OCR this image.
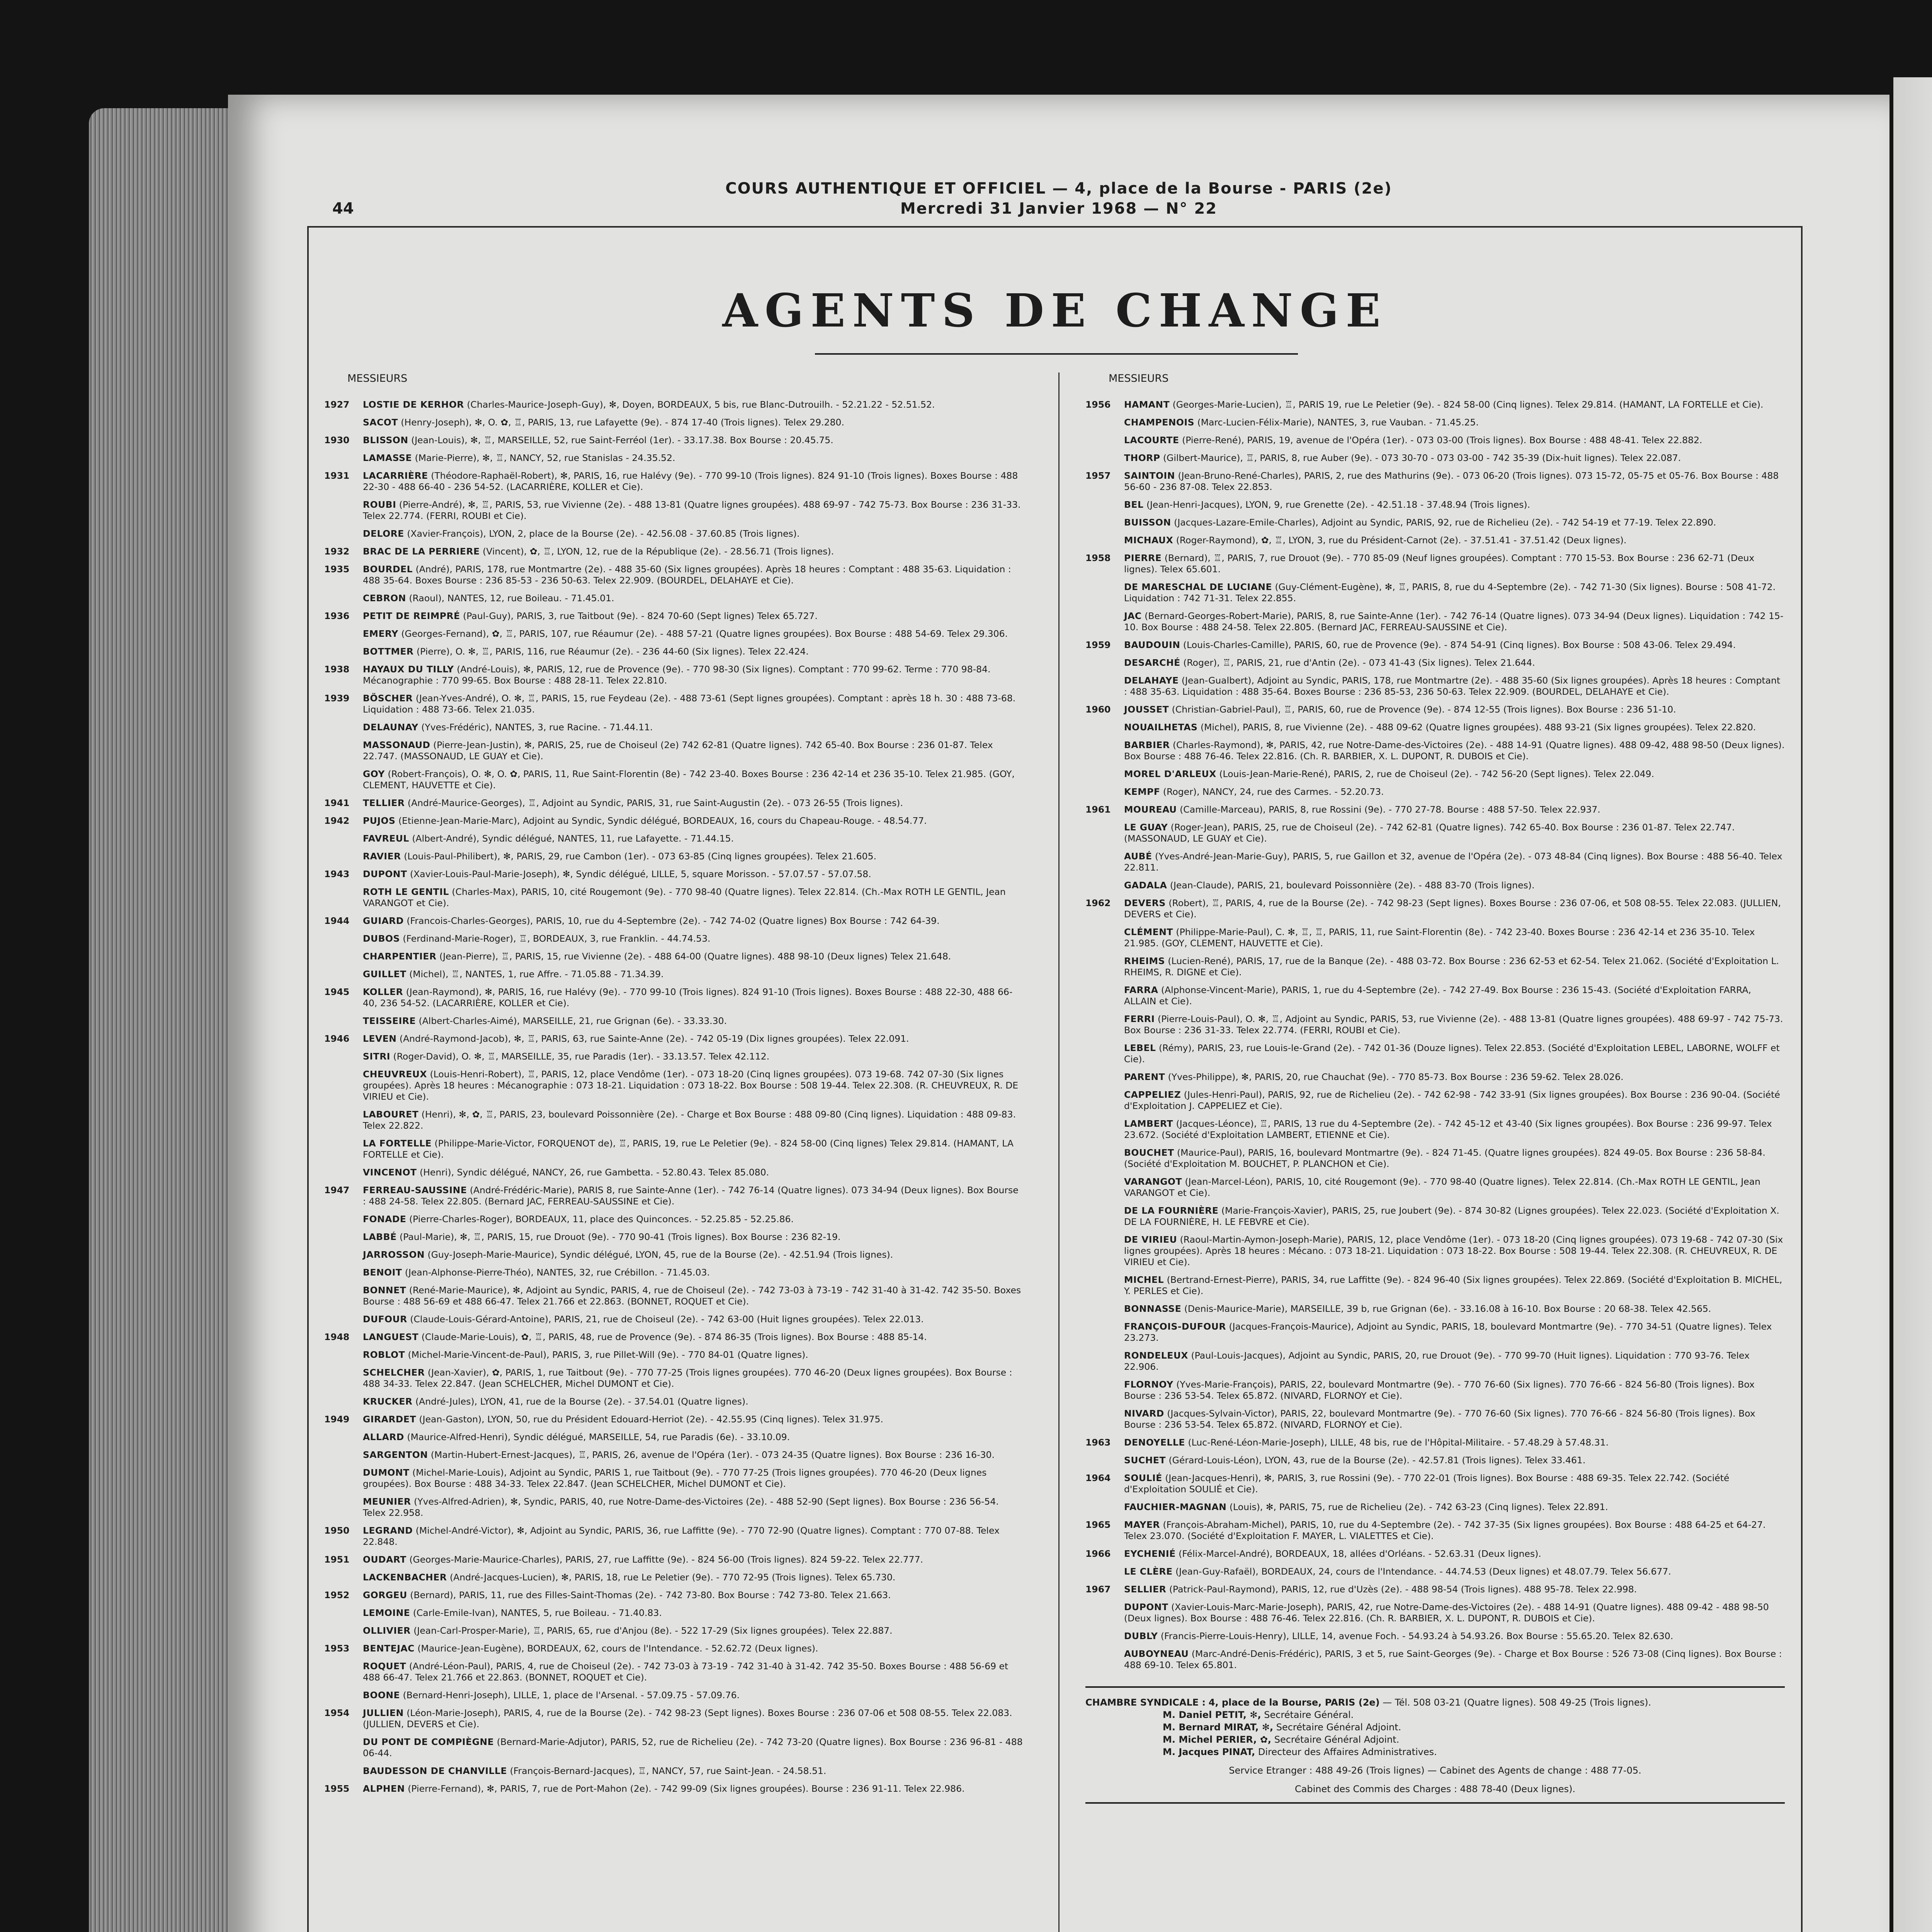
44
COURS AUTHENTIQUE ET OFFICIEL — 4, place de la Bourse - PARIS (2e)
Mercredi 31 Janvier 1968 — N° 22
AGENTS DE CHANGE
MESSIEURS
1927 LOSTIE DE KERHOR (Charles-Maurice-Joseph-Guy), ✻, Doyen, BORDEAUX, 5 bis, rue Blanc-Dutrouilh. - 52.21.22 - 52.51.52.
SACOT (Henry-Joseph), ✻, O. ✿, ♖, PARIS, 13, rue Lafayette (9e). - 874 17-40 (Trois lignes). Telex 29.280.
1930 BLISSON (Jean-Louis), ✻, ♖, MARSEILLE, 52, rue Saint-Ferréol (1er). - 33.17.38. Box Bourse : 20.45.75.
LAMASSE (Marie-Pierre), ✻, ♖, NANCY, 52, rue Stanislas - 24.35.52.
1931 LACARRIÈRE (Théodore-Raphaël-Robert), ✻, PARIS, 16, rue Halévy (9e). - 770 99-10 (Trois lignes). 824 91-10 (Trois lignes). Boxes Bourse : 488 22-30 - 488 66-40 - 236 54-52. (LACARRIÈRE, KOLLER et Cie).
ROUBI (Pierre-André), ✻, ♖, PARIS, 53, rue Vivienne (2e). - 488 13-81 (Quatre lignes groupées). 488 69-97 - 742 75-73. Box Bourse : 236 31-33. Telex 22.774. (FERRI, ROUBI et Cie).
DELORE (Xavier-François), LYON, 2, place de la Bourse (2e). - 42.56.08 - 37.60.85 (Trois lignes).
1932 BRAC DE LA PERRIERE (Vincent), ✿, ♖, LYON, 12, rue de la République (2e). - 28.56.71 (Trois lignes).
1935 BOURDEL (André), PARIS, 178, rue Montmartre (2e). - 488 35-60 (Six lignes groupées). Après 18 heures : Comptant : 488 35-63. Liquidation : 488 35-64. Boxes Bourse : 236 85-53 - 236 50-63. Telex 22.909. (BOURDEL, DELAHAYE et Cie).
CEBRON (Raoul), NANTES, 12, rue Boileau. - 71.45.01.
1936 PETIT DE REIMPRÉ (Paul-Guy), PARIS, 3, rue Taitbout (9e). - 824 70-60 (Sept lignes) Telex 65.727.
EMERY (Georges-Fernand), ✿, ♖, PARIS, 107, rue Réaumur (2e). - 488 57-21 (Quatre lignes groupées). Box Bourse : 488 54-69. Telex 29.306.
BOTTMER (Pierre), O. ✻, ♖, PARIS, 116, rue Réaumur (2e). - 236 44-60 (Six lignes). Telex 22.424.
1938 HAYAUX DU TILLY (André-Louis), ✻, PARIS, 12, rue de Provence (9e). - 770 98-30 (Six lignes). Comptant : 770 99-62. Terme : 770 98-84. Mécanographie : 770 99-65. Box Bourse : 488 28-11. Telex 22.810.
1939 BÖSCHER (Jean-Yves-André), O. ✻, ♖, PARIS, 15, rue Feydeau (2e). - 488 73-61 (Sept lignes groupées). Comptant : après 18 h. 30 : 488 73-68. Liquidation : 488 73-66. Telex 21.035.
DELAUNAY (Yves-Frédéric), NANTES, 3, rue Racine. - 71.44.11.
MASSONAUD (Pierre-Jean-Justin), ✻, PARIS, 25, rue de Choiseul (2e) 742 62-81 (Quatre lignes). 742 65-40. Box Bourse : 236 01-87. Telex 22.747. (MASSONAUD, LE GUAY et Cie).
GOY (Robert-François), O. ✻, O. ✿, PARIS, 11, Rue Saint-Florentin (8e) - 742 23-40. Boxes Bourse : 236 42-14 et 236 35-10. Telex 21.985. (GOY, CLEMENT, HAUVETTE et Cie).
1941 TELLIER (André-Maurice-Georges), ♖, Adjoint au Syndic, PARIS, 31, rue Saint-Augustin (2e). - 073 26-55 (Trois lignes).
1942 PUJOS (Etienne-Jean-Marie-Marc), Adjoint au Syndic, Syndic délégué, BORDEAUX, 16, cours du Chapeau-Rouge. - 48.54.77.
FAVREUL (Albert-André), Syndic délégué, NANTES, 11, rue Lafayette. - 71.44.15.
RAVIER (Louis-Paul-Philibert), ✻, PARIS, 29, rue Cambon (1er). - 073 63-85 (Cinq lignes groupées). Telex 21.605.
1943 DUPONT (Xavier-Louis-Paul-Marie-Joseph), ✻, Syndic délégué, LILLE, 5, square Morisson. - 57.07.57 - 57.07.58.
ROTH LE GENTIL (Charles-Max), PARIS, 10, cité Rougemont (9e). - 770 98-40 (Quatre lignes). Telex 22.814. (Ch.-Max ROTH LE GENTIL, Jean VARANGOT et Cie).
1944 GUIARD (Francois-Charles-Georges), PARIS, 10, rue du 4-Septembre (2e). - 742 74-02 (Quatre lignes) Box Bourse : 742 64-39.
DUBOS (Ferdinand-Marie-Roger), ♖, BORDEAUX, 3, rue Franklin. - 44.74.53.
CHARPENTIER (Jean-Pierre), ♖, PARIS, 15, rue Vivienne (2e). - 488 64-00 (Quatre lignes). 488 98-10 (Deux lignes) Telex 21.648.
GUILLET (Michel), ♖, NANTES, 1, rue Affre. - 71.05.88 - 71.34.39.
1945 KOLLER (Jean-Raymond), ✻, PARIS, 16, rue Halévy (9e). - 770 99-10 (Trois lignes). 824 91-10 (Trois lignes). Boxes Bourse : 488 22-30, 488 66-40, 236 54-52. (LACARRIÈRE, KOLLER et Cie).
TEISSEIRE (Albert-Charles-Aimé), MARSEILLE, 21, rue Grignan (6e). - 33.33.30.
1946 LEVEN (André-Raymond-Jacob), ✻, ♖, PARIS, 63, rue Sainte-Anne (2e). - 742 05-19 (Dix lignes groupées). Telex 22.091.
SITRI (Roger-David), O. ✻, ♖, MARSEILLE, 35, rue Paradis (1er). - 33.13.57. Telex 42.112.
CHEUVREUX (Louis-Henri-Robert), ♖, PARIS, 12, place Vendôme (1er). - 073 18-20 (Cinq lignes groupées). 073 19-68. 742 07-30 (Six lignes groupées). Après 18 heures : Mécanographie : 073 18-21. Liquidation : 073 18-22. Box Bourse : 508 19-44. Telex 22.308. (R. CHEUVREUX, R. DE VIRIEU et Cie).
LABOURET (Henri), ✻, ✿, ♖, PARIS, 23, boulevard Poissonnière (2e). - Charge et Box Bourse : 488 09-80 (Cinq lignes). Liquidation : 488 09-83. Telex 22.822.
LA FORTELLE (Philippe-Marie-Victor, FORQUENOT de), ♖, PARIS, 19, rue Le Peletier (9e). - 824 58-00 (Cinq lignes) Telex 29.814. (HAMANT, LA FORTELLE et Cie).
VINCENOT (Henri), Syndic délégué, NANCY, 26, rue Gambetta. - 52.80.43. Telex 85.080.
1947 FERREAU-SAUSSINE (André-Frédéric-Marie), PARIS 8, rue Sainte-Anne (1er). - 742 76-14 (Quatre lignes). 073 34-94 (Deux lignes). Box Bourse : 488 24-58. Telex 22.805. (Bernard JAC, FERREAU-SAUSSINE et Cie).
FONADE (Pierre-Charles-Roger), BORDEAUX, 11, place des Quinconces. - 52.25.85 - 52.25.86.
LABBÉ (Paul-Marie), ✻, ♖, PARIS, 15, rue Drouot (9e). - 770 90-41 (Trois lignes). Box Bourse : 236 82-19.
JARROSSON (Guy-Joseph-Marie-Maurice), Syndic délégué, LYON, 45, rue de la Bourse (2e). - 42.51.94 (Trois lignes).
BENOIT (Jean-Alphonse-Pierre-Théo), NANTES, 32, rue Crébillon. - 71.45.03.
BONNET (René-Marie-Maurice), ✻, Adjoint au Syndic, PARIS, 4, rue de Choiseul (2e). - 742 73-03 à 73-19 - 742 31-40 à 31-42. 742 35-50. Boxes Bourse : 488 56-69 et 488 66-47. Telex 21.766 et 22.863. (BONNET, ROQUET et Cie).
DUFOUR (Claude-Louis-Gérard-Antoine), PARIS, 21, rue de Choiseul (2e). - 742 63-00 (Huit lignes groupées). Telex 22.013.
1948 LANGUEST (Claude-Marie-Louis), ✿, ♖, PARIS, 48, rue de Provence (9e). - 874 86-35 (Trois lignes). Box Bourse : 488 85-14.
ROBLOT (Michel-Marie-Vincent-de-Paul), PARIS, 3, rue Pillet-Will (9e). - 770 84-01 (Quatre lignes).
SCHELCHER (Jean-Xavier), ✿, PARIS, 1, rue Taitbout (9e). - 770 77-25 (Trois lignes groupées). 770 46-20 (Deux lignes groupées). Box Bourse : 488 34-33. Telex 22.847. (Jean SCHELCHER, Michel DUMONT et Cie).
KRUCKER (André-Jules), LYON, 41, rue de la Bourse (2e). - 37.54.01 (Quatre lignes).
1949 GIRARDET (Jean-Gaston), LYON, 50, rue du Président Edouard-Herriot (2e). - 42.55.95 (Cinq lignes). Telex 31.975.
ALLARD (Maurice-Alfred-Henri), Syndic délégué, MARSEILLE, 54, rue Paradis (6e). - 33.10.09.
SARGENTON (Martin-Hubert-Ernest-Jacques), ♖, PARIS, 26, avenue de l'Opéra (1er). - 073 24-35 (Quatre lignes). Box Bourse : 236 16-30.
DUMONT (Michel-Marie-Louis), Adjoint au Syndic, PARIS 1, rue Taitbout (9e). - 770 77-25 (Trois lignes groupées). 770 46-20 (Deux lignes groupées). Box Bourse : 488 34-33. Telex 22.847. (Jean SCHELCHER, Michel DUMONT et Cie).
MEUNIER (Yves-Alfred-Adrien), ✻, Syndic, PARIS, 40, rue Notre-Dame-des-Victoires (2e). - 488 52-90 (Sept lignes). Box Bourse : 236 56-54. Telex 22.958.
1950 LEGRAND (Michel-André-Victor), ✻, Adjoint au Syndic, PARIS, 36, rue Laffitte (9e). - 770 72-90 (Quatre lignes). Comptant : 770 07-88. Telex 22.848.
1951 OUDART (Georges-Marie-Maurice-Charles), PARIS, 27, rue Laffitte (9e). - 824 56-00 (Trois lignes). 824 59-22. Telex 22.777.
LACKENBACHER (André-Jacques-Lucien), ✻, PARIS, 18, rue Le Peletier (9e). - 770 72-95 (Trois lignes). Telex 65.730.
1952 GORGEU (Bernard), PARIS, 11, rue des Filles-Saint-Thomas (2e). - 742 73-80. Box Bourse : 742 73-80. Telex 21.663.
LEMOINE (Carle-Emile-Ivan), NANTES, 5, rue Boileau. - 71.40.83.
OLLIVIER (Jean-Carl-Prosper-Marie), ♖, PARIS, 65, rue d'Anjou (8e). - 522 17-29 (Six lignes groupées). Telex 22.887.
1953 BENTEJAC (Maurice-Jean-Eugène), BORDEAUX, 62, cours de l'Intendance. - 52.62.72 (Deux lignes).
ROQUET (André-Léon-Paul), PARIS, 4, rue de Choiseul (2e). - 742 73-03 à 73-19 - 742 31-40 à 31-42. 742 35-50. Boxes Bourse : 488 56-69 et 488 66-47. Telex 21.766 et 22.863. (BONNET, ROQUET et Cie).
BOONE (Bernard-Henri-Joseph), LILLE, 1, place de l'Arsenal. - 57.09.75 - 57.09.76.
1954 JULLIEN (Léon-Marie-Joseph), PARIS, 4, rue de la Bourse (2e). - 742 98-23 (Sept lignes). Boxes Bourse : 236 07-06 et 508 08-55. Telex 22.083. (JULLIEN, DEVERS et Cie).
DU PONT DE COMPIÈGNE (Bernard-Marie-Adjutor), PARIS, 52, rue de Richelieu (2e). - 742 73-20 (Quatre lignes). Box Bourse : 236 96-81 - 488 06-44.
BAUDESSON DE CHANVILLE (François-Bernard-Jacques), ♖, NANCY, 57, rue Saint-Jean. - 24.58.51.
1955 ALPHEN (Pierre-Fernand), ✻, PARIS, 7, rue de Port-Mahon (2e). - 742 99-09 (Six lignes groupées). Bourse : 236 91-11. Telex 22.986.
MESSIEURS
1956 HAMANT (Georges-Marie-Lucien), ♖, PARIS 19, rue Le Peletier (9e). - 824 58-00 (Cinq lignes). Telex 29.814. (HAMANT, LA FORTELLE et Cie).
CHAMPENOIS (Marc-Lucien-Félix-Marie), NANTES, 3, rue Vauban. - 71.45.25.
LACOURTE (Pierre-René), PARIS, 19, avenue de l'Opéra (1er). - 073 03-00 (Trois lignes). Box Bourse : 488 48-41. Telex 22.882.
THORP (Gilbert-Maurice), ♖, PARIS, 8, rue Auber (9e). - 073 30-70 - 073 03-00 - 742 35-39 (Dix-huit lignes). Telex 22.087.
1957 SAINTOIN (Jean-Bruno-René-Charles), PARIS, 2, rue des Mathurins (9e). - 073 06-20 (Trois lignes). 073 15-72, 05-75 et 05-76. Box Bourse : 488 56-60 - 236 87-08. Telex 22.853.
BEL (Jean-Henri-Jacques), LYON, 9, rue Grenette (2e). - 42.51.18 - 37.48.94 (Trois lignes).
BUISSON (Jacques-Lazare-Emile-Charles), Adjoint au Syndic, PARIS, 92, rue de Richelieu (2e). - 742 54-19 et 77-19. Telex 22.890.
MICHAUX (Roger-Raymond), ✿, ♖, LYON, 3, rue du Président-Carnot (2e). - 37.51.41 - 37.51.42 (Deux lignes).
1958 PIERRE (Bernard), ♖, PARIS, 7, rue Drouot (9e). - 770 85-09 (Neuf lignes groupées). Comptant : 770 15-53. Box Bourse : 236 62-71 (Deux lignes). Telex 65.601.
DE MARESCHAL DE LUCIANE (Guy-Clément-Eugène), ✻, ♖, PARIS, 8, rue du 4-Septembre (2e). - 742 71-30 (Six lignes). Bourse : 508 41-72. Liquidation : 742 71-31. Telex 22.855.
JAC (Bernard-Georges-Robert-Marie), PARIS, 8, rue Sainte-Anne (1er). - 742 76-14 (Quatre lignes). 073 34-94 (Deux lignes). Liquidation : 742 15-10. Box Bourse : 488 24-58. Telex 22.805. (Bernard JAC, FERREAU-SAUSSINE et Cie).
1959 BAUDOUIN (Louis-Charles-Camille), PARIS, 60, rue de Provence (9e). - 874 54-91 (Cinq lignes). Box Bourse : 508 43-06. Telex 29.494.
DESARCHÉ (Roger), ♖, PARIS, 21, rue d'Antin (2e). - 073 41-43 (Six lignes). Telex 21.644.
DELAHAYE (Jean-Gualbert), Adjoint au Syndic, PARIS, 178, rue Montmartre (2e). - 488 35-60 (Six lignes groupées). Après 18 heures : Comptant : 488 35-63. Liquidation : 488 35-64. Boxes Bourse : 236 85-53, 236 50-63. Telex 22.909. (BOURDEL, DELAHAYE et Cie).
1960 JOUSSET (Christian-Gabriel-Paul), ♖, PARIS, 60, rue de Provence (9e). - 874 12-55 (Trois lignes). Box Bourse : 236 51-10.
NOUAILHETAS (Michel), PARIS, 8, rue Vivienne (2e). - 488 09-62 (Quatre lignes groupées). 488 93-21 (Six lignes groupées). Telex 22.820.
BARBIER (Charles-Raymond), ✻, PARIS, 42, rue Notre-Dame-des-Victoires (2e). - 488 14-91 (Quatre lignes). 488 09-42, 488 98-50 (Deux lignes). Box Bourse : 488 76-46. Telex 22.816. (Ch. R. BARBIER, X. L. DUPONT, R. DUBOIS et Cie).
MOREL D'ARLEUX (Louis-Jean-Marie-René), PARIS, 2, rue de Choiseul (2e). - 742 56-20 (Sept lignes). Telex 22.049.
KEMPF (Roger), NANCY, 24, rue des Carmes. - 52.20.73.
1961 MOUREAU (Camille-Marceau), PARIS, 8, rue Rossini (9e). - 770 27-78. Bourse : 488 57-50. Telex 22.937.
LE GUAY (Roger-Jean), PARIS, 25, rue de Choiseul (2e). - 742 62-81 (Quatre lignes). 742 65-40. Box Bourse : 236 01-87. Telex 22.747. (MASSONAUD, LE GUAY et Cie).
AUBÉ (Yves-André-Jean-Marie-Guy), PARIS, 5, rue Gaillon et 32, avenue de l'Opéra (2e). - 073 48-84 (Cinq lignes). Box Bourse : 488 56-40. Telex 22.811.
GADALA (Jean-Claude), PARIS, 21, boulevard Poissonnière (2e). - 488 83-70 (Trois lignes).
1962 DEVERS (Robert), ♖, PARIS, 4, rue de la Bourse (2e). - 742 98-23 (Sept lignes). Boxes Bourse : 236 07-06, et 508 08-55. Telex 22.083. (JULLIEN, DEVERS et Cie).
CLÉMENT (Philippe-Marie-Paul), C. ✻, ♖, ♖, PARIS, 11, rue Saint-Florentin (8e). - 742 23-40. Boxes Bourse : 236 42-14 et 236 35-10. Telex 21.985. (GOY, CLEMENT, HAUVETTE et Cie).
RHEIMS (Lucien-René), PARIS, 17, rue de la Banque (2e). - 488 03-72. Box Bourse : 236 62-53 et 62-54. Telex 21.062. (Société d'Exploitation L. RHEIMS, R. DIGNE et Cie).
FARRA (Alphonse-Vincent-Marie), PARIS, 1, rue du 4-Septembre (2e). - 742 27-49. Box Bourse : 236 15-43. (Société d'Exploitation FARRA, ALLAIN et Cie).
FERRI (Pierre-Louis-Paul), O. ✻, ♖, Adjoint au Syndic, PARIS, 53, rue Vivienne (2e). - 488 13-81 (Quatre lignes groupées). 488 69-97 - 742 75-73. Box Bourse : 236 31-33. Telex 22.774. (FERRI, ROUBI et Cie).
LEBEL (Rémy), PARIS, 23, rue Louis-le-Grand (2e). - 742 01-36 (Douze lignes). Telex 22.853. (Société d'Exploitation LEBEL, LABORNE, WOLFF et Cie).
PARENT (Yves-Philippe), ✻, PARIS, 20, rue Chauchat (9e). - 770 85-73. Box Bourse : 236 59-62. Telex 28.026.
CAPPELIEZ (Jules-Henri-Paul), PARIS, 92, rue de Richelieu (2e). - 742 62-98 - 742 33-91 (Six lignes groupées). Box Bourse : 236 90-04. (Société d'Exploitation J. CAPPELIEZ et Cie).
LAMBERT (Jacques-Léonce), ♖, PARIS, 13 rue du 4-Septembre (2e). - 742 45-12 et 43-40 (Six lignes groupées). Box Bourse : 236 99-97. Telex 23.672. (Société d'Exploitation LAMBERT, ETIENNE et Cie).
BOUCHET (Maurice-Paul), PARIS, 16, boulevard Montmartre (9e). - 824 71-45. (Quatre lignes groupées). 824 49-05. Box Bourse : 236 58-84. (Société d'Exploitation M. BOUCHET, P. PLANCHON et Cie).
VARANGOT (Jean-Marcel-Léon), PARIS, 10, cité Rougemont (9e). - 770 98-40 (Quatre lignes). Telex 22.814. (Ch.-Max ROTH LE GENTIL, Jean VARANGOT et Cie).
DE LA FOURNIÈRE (Marie-François-Xavier), PARIS, 25, rue Joubert (9e). - 874 30-82 (Lignes groupées). Telex 22.023. (Société d'Exploitation X. DE LA FOURNIÈRE, H. LE FEBVRE et Cie).
DE VIRIEU (Raoul-Martin-Aymon-Joseph-Marie), PARIS, 12, place Vendôme (1er). - 073 18-20 (Cinq lignes groupées). 073 19-68 - 742 07-30 (Six lignes groupées). Après 18 heures : Mécano. : 073 18-21. Liquidation : 073 18-22. Box Bourse : 508 19-44. Telex 22.308. (R. CHEUVREUX, R. DE VIRIEU et Cie).
MICHEL (Bertrand-Ernest-Pierre), PARIS, 34, rue Laffitte (9e). - 824 96-40 (Six lignes groupées). Telex 22.869. (Société d'Exploitation B. MICHEL, Y. PERLES et Cie).
BONNASSE (Denis-Maurice-Marie), MARSEILLE, 39 b, rue Grignan (6e). - 33.16.08 à 16-10. Box Bourse : 20 68-38. Telex 42.565.
FRANÇOIS-DUFOUR (Jacques-François-Maurice), Adjoint au Syndic, PARIS, 18, boulevard Montmartre (9e). - 770 34-51 (Quatre lignes). Telex 23.273.
RONDELEUX (Paul-Louis-Jacques), Adjoint au Syndic, PARIS, 20, rue Drouot (9e). - 770 99-70 (Huit lignes). Liquidation : 770 93-76. Telex 22.906.
FLORNOY (Yves-Marie-François), PARIS, 22, boulevard Montmartre (9e). - 770 76-60 (Six lignes). 770 76-66 - 824 56-80 (Trois lignes). Box Bourse : 236 53-54. Telex 65.872. (NIVARD, FLORNOY et Cie).
NIVARD (Jacques-Sylvain-Victor), PARIS, 22, boulevard Montmartre (9e). - 770 76-60 (Six lignes). 770 76-66 - 824 56-80 (Trois lignes). Box Bourse : 236 53-54. Telex 65.872. (NIVARD, FLORNOY et Cie).
1963 DENOYELLE (Luc-René-Léon-Marie-Joseph), LILLE, 48 bis, rue de l'Hôpital-Militaire. - 57.48.29 à 57.48.31.
SUCHET (Gérard-Louis-Léon), LYON, 43, rue de la Bourse (2e). - 42.57.81 (Trois lignes). Telex 33.461.
1964 SOULIÉ (Jean-Jacques-Henri), ✻, PARIS, 3, rue Rossini (9e). - 770 22-01 (Trois lignes). Box Bourse : 488 69-35. Telex 22.742. (Société d'Exploitation SOULIÉ et Cie).
FAUCHIER-MAGNAN (Louis), ✻, PARIS, 75, rue de Richelieu (2e). - 742 63-23 (Cinq lignes). Telex 22.891.
1965 MAYER (François-Abraham-Michel), PARIS, 10, rue du 4-Septembre (2e). - 742 37-35 (Six lignes groupées). Box Bourse : 488 64-25 et 64-27. Telex 23.070. (Société d'Exploitation F. MAYER, L. VIALETTES et Cie).
1966 EYCHENIÉ (Félix-Marcel-André), BORDEAUX, 18, allées d'Orléans. - 52.63.31 (Deux lignes).
LE CLÈRE (Jean-Guy-Rafaël), BORDEAUX, 24, cours de l'Intendance. - 44.74.53 (Deux lignes) et 48.07.79. Telex 56.677.
1967 SELLIER (Patrick-Paul-Raymond), PARIS, 12, rue d'Uzès (2e). - 488 98-54 (Trois lignes). 488 95-78. Telex 22.998.
DUPONT (Xavier-Louis-Marc-Marie-Joseph), PARIS, 42, rue Notre-Dame-des-Victoires (2e). - 488 14-91 (Quatre lignes). 488 09-42 - 488 98-50 (Deux lignes). Box Bourse : 488 76-46. Telex 22.816. (Ch. R. BARBIER, X. L. DUPONT, R. DUBOIS et Cie).
DUBLY (Francis-Pierre-Louis-Henry), LILLE, 14, avenue Foch. - 54.93.24 à 54.93.26. Box Bourse : 55.65.20. Telex 82.630.
AUBOYNEAU (Marc-André-Denis-Frédéric), PARIS, 3 et 5, rue Saint-Georges (9e). - Charge et Box Bourse : 526 73-08 (Cinq lignes). Box Bourse : 488 69-10. Telex 65.801.
CHAMBRE SYNDICALE : 4, place de la Bourse, PARIS (2e) — Tél. 508 03-21 (Quatre lignes). 508 49-25 (Trois lignes).
M. Daniel PETIT, ✻, Secrétaire Général.
M. Bernard MIRAT, ✻, Secrétaire Général Adjoint.
M. Michel PERIER, ✿, Secrétaire Général Adjoint.
M. Jacques PINAT, Directeur des Affaires Administratives.
Service Etranger : 488 49-26 (Trois lignes) — Cabinet des Agents de change : 488 77-05.
Cabinet des Commis des Charges : 488 78-40 (Deux lignes).
